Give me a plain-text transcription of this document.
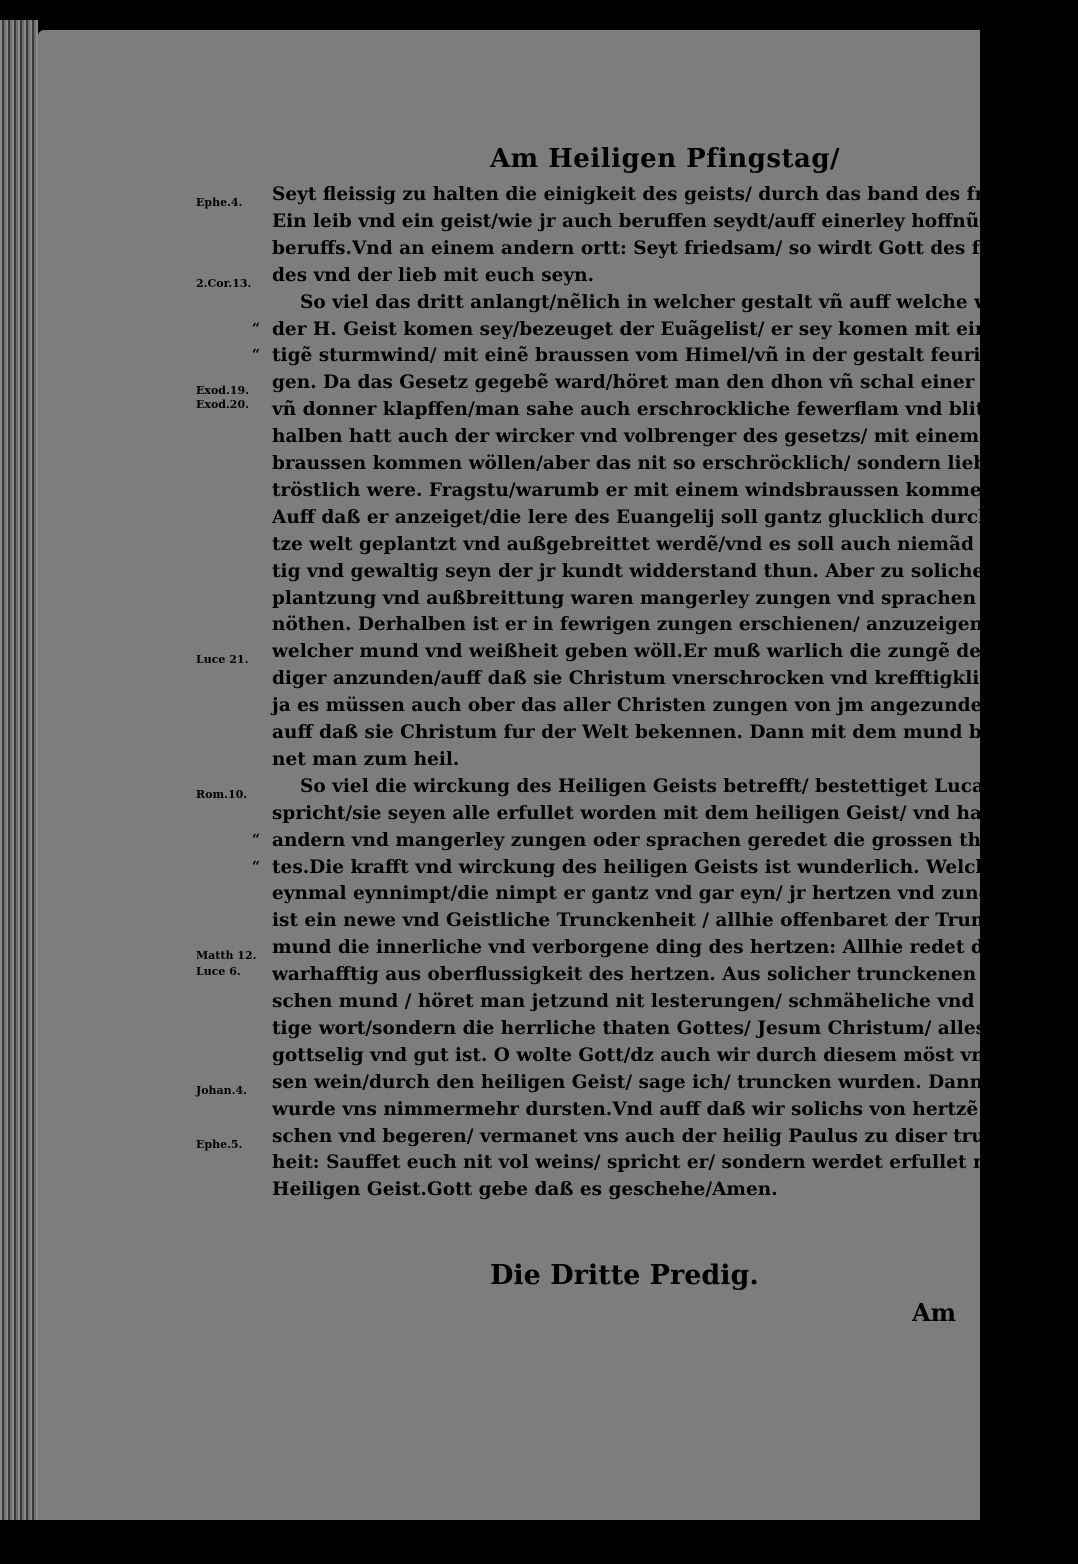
Am Heiligen Pfingstag/
Ephe.4.
2.Cor.13.
Exod.19.
Exod.20.
Luce 21.
Rom.10.
Matth 12.
Luce 6.
Johan.4.
Ephe.5.
“
“
“
“
Seyt fleissig zu halten die einigkeit des geists/ durch das band des frides.
Ein leib vnd ein geist/wie jr auch beruffen seydt/auff einerley hoffnũg ewers
beruffs.Vnd an einem andern ortt: Seyt friedsam/ so wirdt Gott des frie
des vnd der lieb mit euch seyn.
So viel das dritt anlangt/nẽlich in welcher gestalt vñ auff welche weyß
der H. Geist komen sey/bezeuget der Euãgelist/ er sey komen mit einem heff
tigẽ sturmwind/ mit einẽ braussen vom Himel/vñ in der gestalt feuriger zun
gen. Da das Gesetz gegebẽ ward/höret man den dhon vñ schal einer posaunẽ
vñ donner klapffen/man sahe auch erschrockliche fewerflam vnd blitze.Der
halben hatt auch der wircker vnd volbrenger des gesetzs/ mit einem sturm vñ
braussen kommen wöllen/aber das nit so erschröcklich/ sondern lieblich vnd
tröstlich were. Fragstu/warumb er mit einem windsbraussen kommen seyt
Auff daß er anzeiget/die lere des Euangelij soll gantz glucklich durch die gan
tze welt geplantzt vnd außgebreittet werdẽ/vnd es soll auch niemãd so mech
tig vnd gewaltig seyn der jr kundt widderstand thun. Aber zu solicher fort
plantzung vnd außbreittung waren mangerley zungen vnd sprachen von
nöthen. Derhalben ist er in fewrigen zungen erschienen/ anzuzeigen/ er sey
welcher mund vnd weißheit geben wöll.Er muß warlich die zungẽ der Pre
diger anzunden/auff daß sie Christum vnerschrocken vnd krefftigklich leren:
ja es müssen auch ober das aller Christen zungen von jm angezundet werdẽ/
auff daß sie Christum fur der Welt bekennen. Dann mit dem mund beken
net man zum heil.
So viel die wirckung des Heiligen Geists betrefft/ bestettiget Lucas vnd
spricht/sie seyen alle erfullet worden mit dem heiligen Geist/ vnd haben mit
andern vnd mangerley zungen oder sprachen geredet die grossen thatẽ Got
tes.Die krafft vnd wirckung des heiligen Geists ist wunderlich. Welche er
eynmal eynnimpt/die nimpt er gantz vnd gar eyn/ jr hertzen vnd zungẽ.Diß
ist ein newe vnd Geistliche Trunckenheit / allhie offenbaret der Truncken
mund die innerliche vnd verborgene ding des hertzen: Allhie redet der mund
warhafftig aus oberflussigkeit des hertzen. Aus solicher trunckenen men
schen mund / höret man jetzund nit lesterungen/ schmäheliche vnd vnzuch
tige wort/sondern die herrliche thaten Gottes/ Jesum Christum/ alles was
gottselig vnd gut ist. O wolte Gott/dz auch wir durch diesem möst vnd suſ
sen wein/durch den heiligen Geist/ sage ich/ truncken wurden. Dann also
wurde vns nimmermehr dursten.Vnd auff daß wir solichs von hertzẽ wun
schen vnd begeren/ vermanet vns auch der heilig Paulus zu diser truncken
heit: Sauffet euch nit vol weins/ spricht er/ sondern werdet erfullet mit dem
Heiligen Geist.Gott gebe daß es geschehe/Amen.
Die Dritte Predig.
Am
